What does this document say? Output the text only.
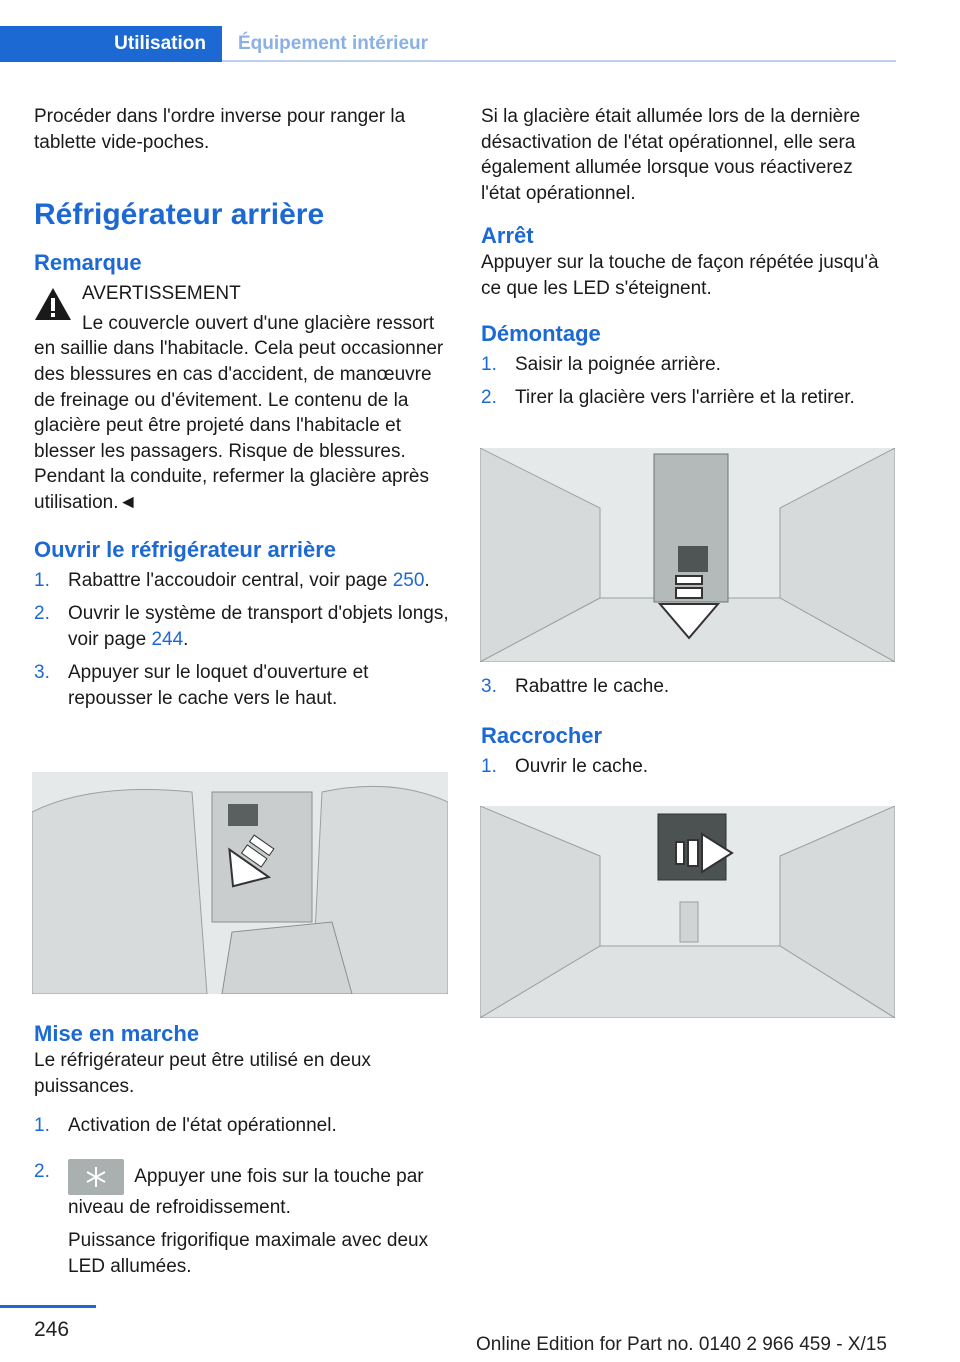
Utilisation	Équipement intérieur

Procéder dans l'ordre inverse pour ranger la tablette vide-poches.

Réfrigérateur arrière
Remarque

AVERTISSEMENT

Le couvercle ouvert d'une glacière ressort en saillie dans l'habitacle. Cela peut occasionner des blessures en cas d'accident, de manœuvre de freinage ou d'évitement. Le contenu de la glacière peut être projeté dans l'habitacle et blesser les passagers. Risque de blessures. Pendant la conduite, refermer la glacière après utilisation.◄

Ouvrir le réfrigérateur arrière
1. Rabattre l'accoudoir central, voir page 250.
2. Ouvrir le système de transport d'objets longs, voir page 244.
3. Appuyer sur le loquet d'ouverture et repousser le cache vers le haut.
Mise en marche

Le réfrigérateur peut être utilisé en deux puissances.

1. Activation de l'état opérationnel.
2.	Appuyer une fois sur la touche par niveau de refroidissement.

Puissance frigorifique maximale avec deux LED allumées.

Si la glacière était allumée lors de la dernière désactivation de l'état opérationnel, elle sera également allumée lorsque vous réactiverez l'état opérationnel.

Arrêt

Appuyer sur la touche de façon répétée jusqu'à ce que les LED s'éteignent.

Démontage
1. Saisir la poignée arrière.
2. Tirer la glacière vers l'arrière et la retirer.
3. Rabattre le cache.
Raccrocher
1. Ouvrir le cache.
246
Online Edition for Part no. 0140 2 966 459 - X/15
